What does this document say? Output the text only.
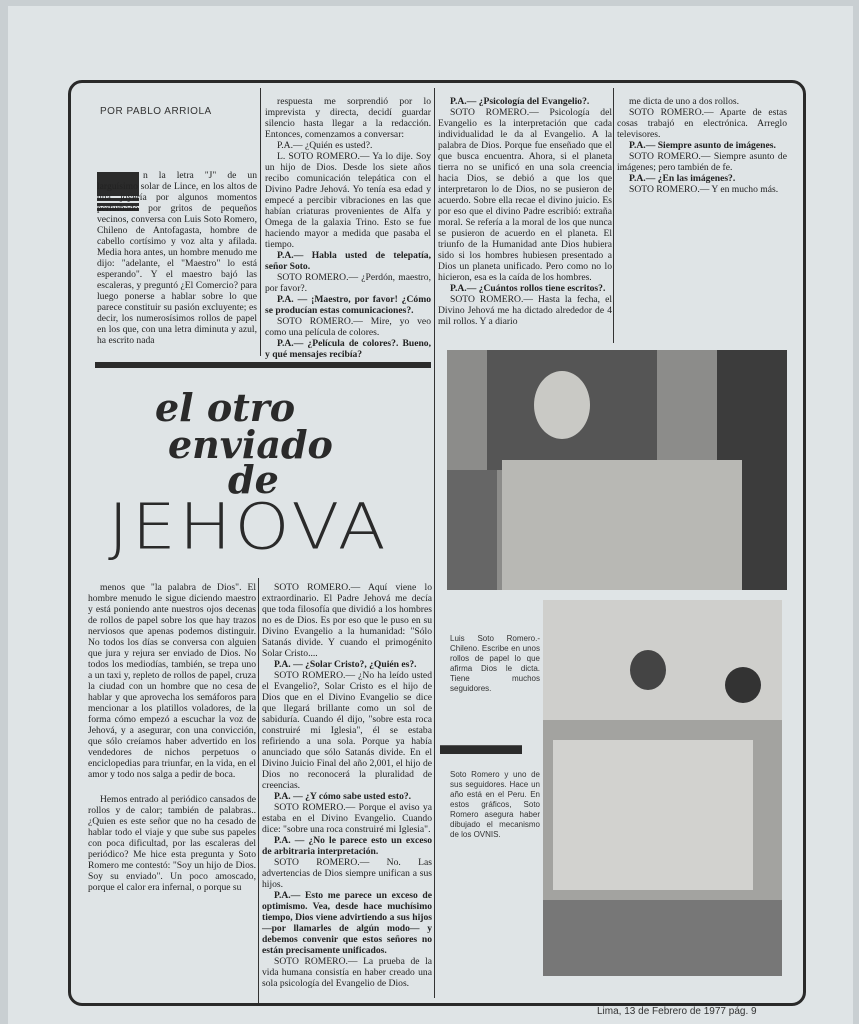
POR PABLO ARRIOLA

n la letra "J" de un larguísimo solar de Lince, en los altos de una joyería por algunos momentos perturbado por gritos de pequeños vecinos, conversa con Luis Soto Romero, Chileno de Antofagasta, hombre de cabello cortísimo y voz alta y afilada. Media hora antes, un hombre menudo me dijo: "adelante, el "Maestro" lo está esperando". Y el maestro bajó las escaleras, y preguntó ¿El Comercio? para luego ponerse a hablar sobre lo que parece constituir su pasión excluyente; es decir, los numerosísimos rollos de papel en los que, con una letra diminuta y azul, ha escrito nada

respuesta me sorprendió por lo imprevista y directa, decidí guardar silencio hasta llegar a la redacción. Entonces, comenzamos a conversar:

P.A.— ¿Quién es usted?.

L. SOTO ROMERO.— Ya lo dije. Soy un hijo de Dios. Desde los siete años recibo comunicación telepática con el Divino Padre Jehová. Yo tenía esa edad y empecé a percibir vibraciones en las que habían criaturas provenientes de Alfa y Omega de la galaxia Trino. Esto se fue haciendo mayor a medida que pasaba el tiempo.

P.A.— Habla usted de telepatía, señor Soto.

SOTO ROMERO.— ¿Perdón, maestro, por favor?.

P.A. — ¡Maestro, por favor! ¿Cómo se producían estas comunicaciones?.

SOTO ROMERO.— Mire, yo veo como una película de colores.

P.A.— ¿Película de colores?. Bueno, y qué mensajes recibía?

P.A.— ¿Psicología del Evangelio?.

SOTO ROMERO.— Psicología del Evangelio es la interpretación que cada individualidad le da al Evangelio. A la palabra de Dios. Porque fue enseñado que el que busca encuentra. Ahora, si el planeta tierra no se unificó en una sola creencia hacia Dios, se debió a que los que interpretaron lo de Dios, no se pusieron de acuerdo. Sobre ella recae el divino juicio. Es por eso que el divino Padre escribió: extraña moral. Se refería a la moral de los que nunca se pusieron de acuerdo en el planeta. El triunfo de la Humanidad ante Dios hubiera sido si los hombres hubiesen presentado a Dios un planeta unificado. Pero como no lo hicieron, esa es la caída de los hombres.

P.A.— ¿Cuántos rollos tiene escritos?.

SOTO ROMERO.— Hasta la fecha, el Divino Jehová me ha dictado alrededor de 4 mil rollos. Y a diario

me dicta de uno a dos rollos.

SOTO ROMERO.— Aparte de estas cosas trabajó en electrónica. Arreglo televisores.

P.A.— Siempre asunto de imágenes.

SOTO ROMERO.— Siempre asunto de imágenes; pero también de fe.

P.A.— ¿En las imágenes?.

SOTO ROMERO.— Y en mucho más.

el otro
enviado
de
JEHOVA

menos que "la palabra de Dios". El hombre menudo le sigue diciendo maestro y está poniendo ante nuestros ojos decenas de rollos de papel sobre los que hay trazos nerviosos que apenas podemos distinguir. No todos los días se conversa con alguien que jura y rejura ser enviado de Dios. No todos los mediodías, también, se trepa uno a un taxi y, repleto de rollos de papel, cruza la ciudad con un hombre que no cesa de hablar y que aprovecha los semáforos para mencionar a los platillos voladores, de la forma cómo empezó a escuchar la voz de Jehová, y a asegurar, con una convicción, que sólo creíamos haber advertido en los vendedores de nichos perpetuos o enciclopedias para triunfar, en la vida, en el amor y todo nos salga a pedir de boca.

Hemos entrado al periódico cansados de rollos y de calor; también de palabras.. ¿Quien es este señor que no ha cesado de hablar todo el viaje y que sube sus papeles con poca dificultad, por las escaleras del periódico? Me hice esta pregunta y Soto Romero me contestó: "Soy un hijo de Dios. Soy su enviado". Un poco amoscado, porque el calor era infernal, o porque su

SOTO ROMERO.— Aquí viene lo extraordinario. El Padre Jehová me decía que toda filosofía que dividió a los hombres no es de Dios. Es por eso que le puso en su Divino Evangelio a la humanidad: "Sólo Satanás divide. Y cuando el primogénito Solar Cristo....

P.A. — ¿Solar Cristo?, ¿Quién es?.

SOTO ROMERO.— ¿No ha leído usted el Evangelio?, Solar Cristo es el hijo de Dios que en el Divino Evangelio se dice que llegará brillante como un sol de sabiduría. Cuando él dijo, "sobre esta roca construiré mi Iglesia", él se estaba refiriendo a una sola. Porque ya había anunciado que sólo Satanás divide. En el Divino Juicio Final del año 2,001, el hijo de Dios no reconocerá la pluralidad de creencias.

P.A. — ¿Y cómo sabe usted esto?.

SOTO ROMERO.— Porque el aviso ya estaba en el Divino Evangelio. Cuando dice: "sobre una roca construiré mi Iglesia".

P.A. — ¿No le parece esto un exceso de arbitraria interpretación.

SOTO ROMERO.— No. Las advertencias de Dios siempre unifican a sus hijos.

P.A.— Esto me parece un exceso de optimismo. Vea, desde hace muchísimo tiempo, Dios viene advirtiendo a sus hijos —por llamarles de algún modo— y debemos convenir que estos señores no están precisamente unificados.

SOTO ROMERO.— La prueba de la vida humana consistía en haber creado una sola psicología del Evangelio de Dios.

Luis Soto Romero.- Chileno. Escribe en unos rollos de papel lo que afirma Dios le dicta. Tiene muchos seguidores.
Soto Romero y uno de sus seguidores. Hace un año está en el Peru. En estos gráficos, Soto Romero asegura haber dibujado el mecanismo de los OVNIS.
Lima, 13 de Febrero de 1977 pág. 9
